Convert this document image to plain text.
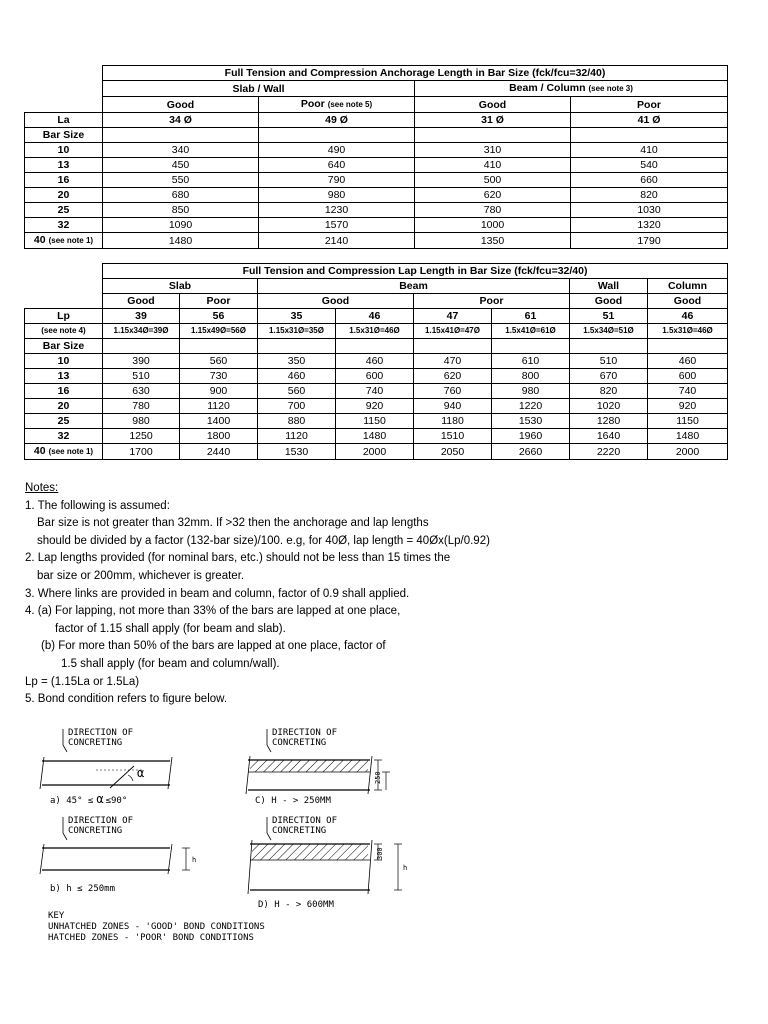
	Full Tension and Compression Anchorage Length in Bar Size (fck/fcu=32/40)			
	Slab / Wall		Beam / Column (see note 3)	
	Good	Poor (see note 5)	Good	Poor
La	34 Ø	49 Ø	31 Ø	41 Ø
Bar Size				
10	340	490	310	410
13	450	640	410	540
16	550	790	500	660
20	680	980	620	820
25	850	1230	780	1030
32	1090	1570	1000	1320
40 (see note 1)	1480	2140	1350	1790
	Full Tension and Compression Lap Length in Bar Size (fck/fcu=32/40)							
	Slab		Beam				Wall	Column
	Good	Poor	Good		Poor		Good	Good
Lp	39	56	35	46	47	61	51	46
(see note 4)	1.15x34Ø=39Ø	1.15x49Ø=56Ø	1.15x31Ø=35Ø	1.5x31Ø=46Ø	1.15x41Ø=47Ø	1.5x41Ø=61Ø	1.5x34Ø=51Ø	1.5x31Ø=46Ø
Bar Size								
10	390	560	350	460	470	610	510	460
13	510	730	460	600	620	800	670	600
16	630	900	560	740	760	980	820	740
20	780	1120	700	920	940	1220	1020	920
25	980	1400	880	1150	1180	1530	1280	1150
32	1250	1800	1120	1480	1510	1960	1640	1480
40 (see note 1)	1700	2440	1530	2000	2050	2660	2220	2000
Notes:
1. The following is assumed:
Bar size is not greater than 32mm. If >32 then the anchorage and lap lengths
should be divided by a factor (132-bar size)/100. e.g, for 40Ø, lap length = 40Øx(Lp/0.92)
2. Lap lengths provided (for nominal bars, etc.) should not be less than 15 times the
bar size or 200mm, whichever is greater.
3. Where links are provided in beam and column, factor of 0.9 shall applied.
4. (a) For lapping, not more than 33% of the bars are lapped at one place,
factor of 1.15 shall apply (for beam and slab).
(b) For more than 50% of the bars are lapped at one place, factor of
1.5 shall apply (for beam and column/wall).
Lp = (1.15La or 1.5La)
5. Bond condition refers to figure below.
DIRECTION OF
CONCRETING
α
a) 45° ≤ α ≤90°
DIRECTION OF
CONCRETING
250
C) H - > 250MM
DIRECTION OF
CONCRETING
h
b) h ≤ 250mm
DIRECTION OF
CONCRETING
300
h
D) H - > 600MM
KEY
UNHATCHED ZONES - 'GOOD' BOND CONDITIONS
HATCHED ZONES - 'POOR' BOND CONDITIONS
